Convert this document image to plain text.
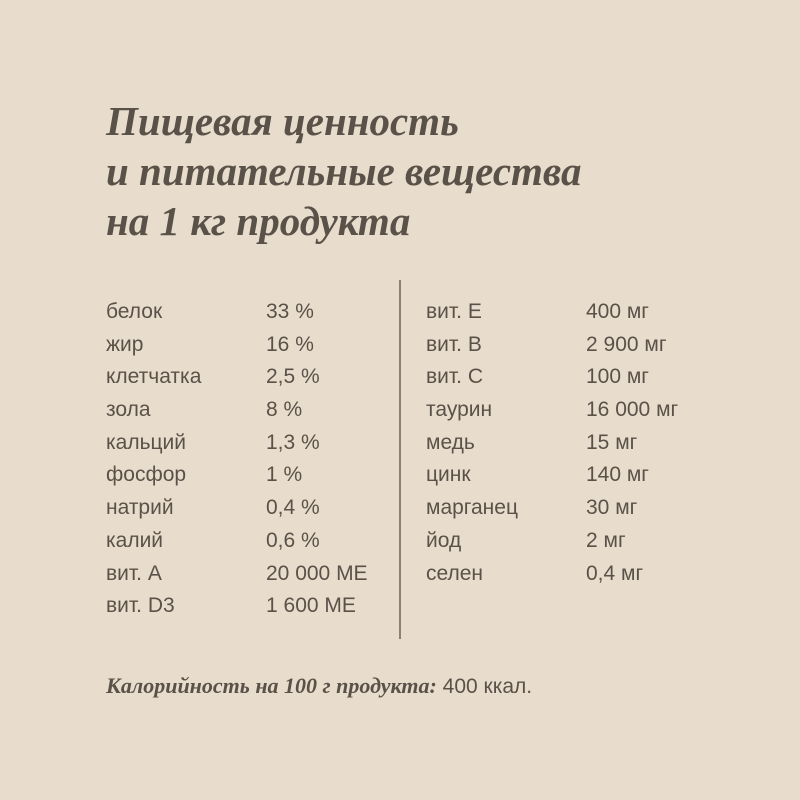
Пищевая ценность
и питательные вещества
на 1 кг продукта
белок	33 %
жир	16 %
клетчатка	2,5 %
зола	8 %
кальций	1,3 %
фосфор	1 %
натрий	0,4 %
калий	0,6 %
вит. А	20 000 МЕ
вит. D3	1 600 МЕ
вит. Е	400 мг
вит. В	2 900 мг
вит. С	100 мг
таурин	16 000 мг
медь	15 мг
цинк	140 мг
марганец	30 мг
йод	2 мг
селен	0,4 мг
Калорийность на 100 г продукта: 400 ккал.
